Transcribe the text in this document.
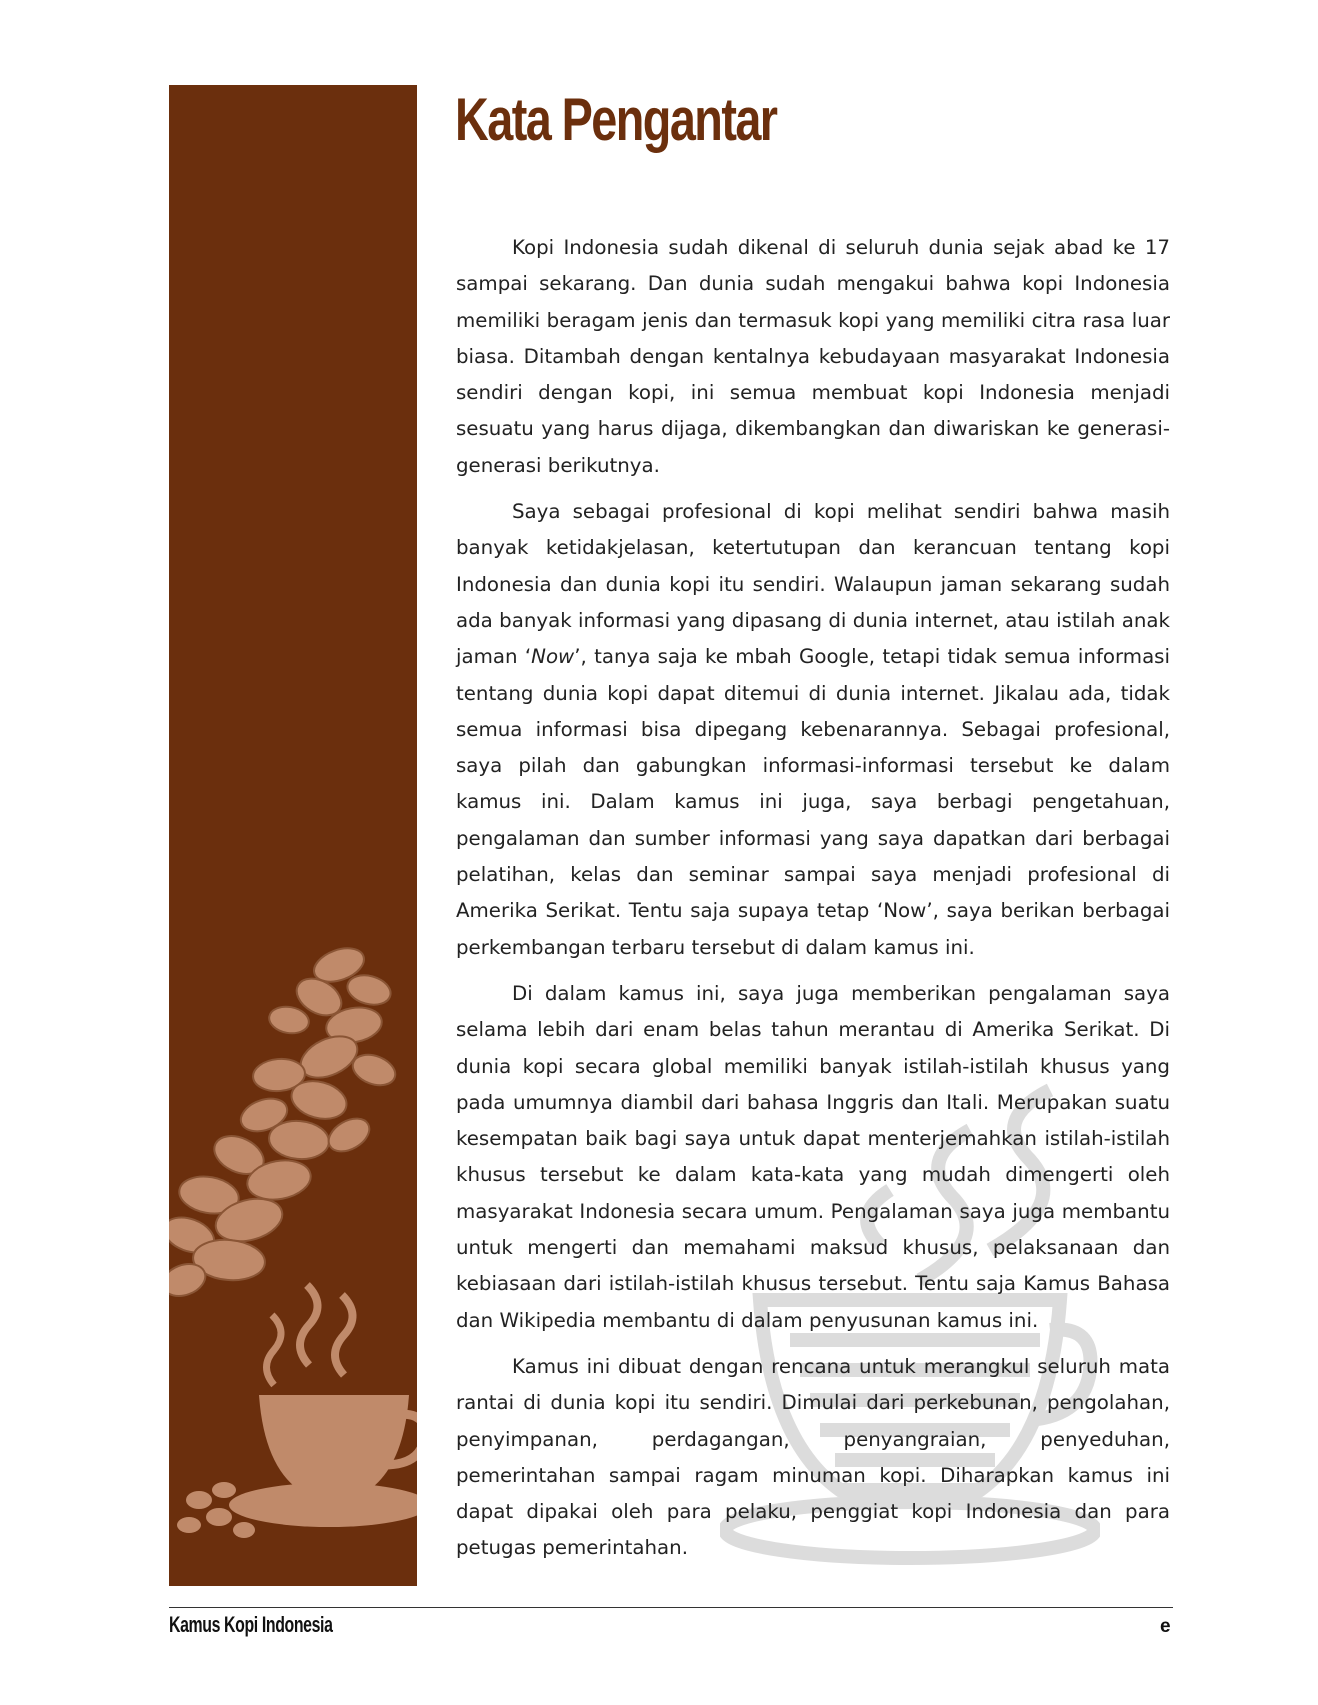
Kata Pengantar

Kopi Indonesia sudah dikenal di seluruh dunia sejak abad ke 17 sampai sekarang. Dan dunia sudah mengakui bahwa kopi Indonesia memiliki beragam jenis dan termasuk kopi yang memiliki citra rasa luar biasa. Ditambah dengan kentalnya kebudayaan masyarakat Indonesia sendiri dengan kopi, ini semua membuat kopi Indonesia menjadi sesuatu yang harus dijaga, dikembangkan dan diwariskan ke generasi-generasi berikutnya.

Saya sebagai profesional di kopi melihat sendiri bahwa masih banyak ketidakjelasan, ketertutupan dan kerancuan tentang kopi Indonesia dan dunia kopi itu sendiri. Walaupun jaman sekarang sudah ada banyak informasi yang dipasang di dunia internet, atau istilah anak jaman ‘Now’, tanya saja ke mbah Google, tetapi tidak semua informasi tentang dunia kopi dapat ditemui di dunia internet. Jikalau ada, tidak semua informasi bisa dipegang kebenarannya. Sebagai profesional, saya pilah dan gabungkan informasi-informasi tersebut ke dalam kamus ini. Dalam kamus ini juga, saya berbagi pengetahuan, pengalaman dan sumber informasi yang saya dapatkan dari berbagai pelatihan, kelas dan seminar sampai saya menjadi profesional di Amerika Serikat. Tentu saja supaya tetap ‘Now’, saya berikan berbagai perkembangan terbaru tersebut di dalam kamus ini.

Di dalam kamus ini, saya juga memberikan pengalaman saya selama lebih dari enam belas tahun merantau di Amerika Serikat. Di dunia kopi secara global memiliki banyak istilah-istilah khusus yang pada umumnya diambil dari bahasa Inggris dan Itali. Merupakan suatu kesempatan baik bagi saya untuk dapat menterjemahkan istilah-istilah khusus tersebut ke dalam kata-kata yang mudah dimengerti oleh masyarakat Indonesia secara umum. Pengalaman saya juga membantu untuk mengerti dan memahami maksud khusus, pelaksanaan dan kebiasaan dari istilah-istilah khusus tersebut. Tentu saja Kamus Bahasa dan Wikipedia membantu di dalam penyusunan kamus ini.

Kamus ini dibuat dengan rencana untuk merangkul seluruh mata rantai di dunia kopi itu sendiri. Dimulai dari perkebunan, pengolahan, penyimpanan, perdagangan, penyangraian, penyeduhan, pemerintahan sampai ragam minuman kopi. Diharapkan kamus ini dapat dipakai oleh para pelaku, penggiat kopi Indonesia dan para petugas pemerintahan.

Kamus Kopi Indonesia	e
